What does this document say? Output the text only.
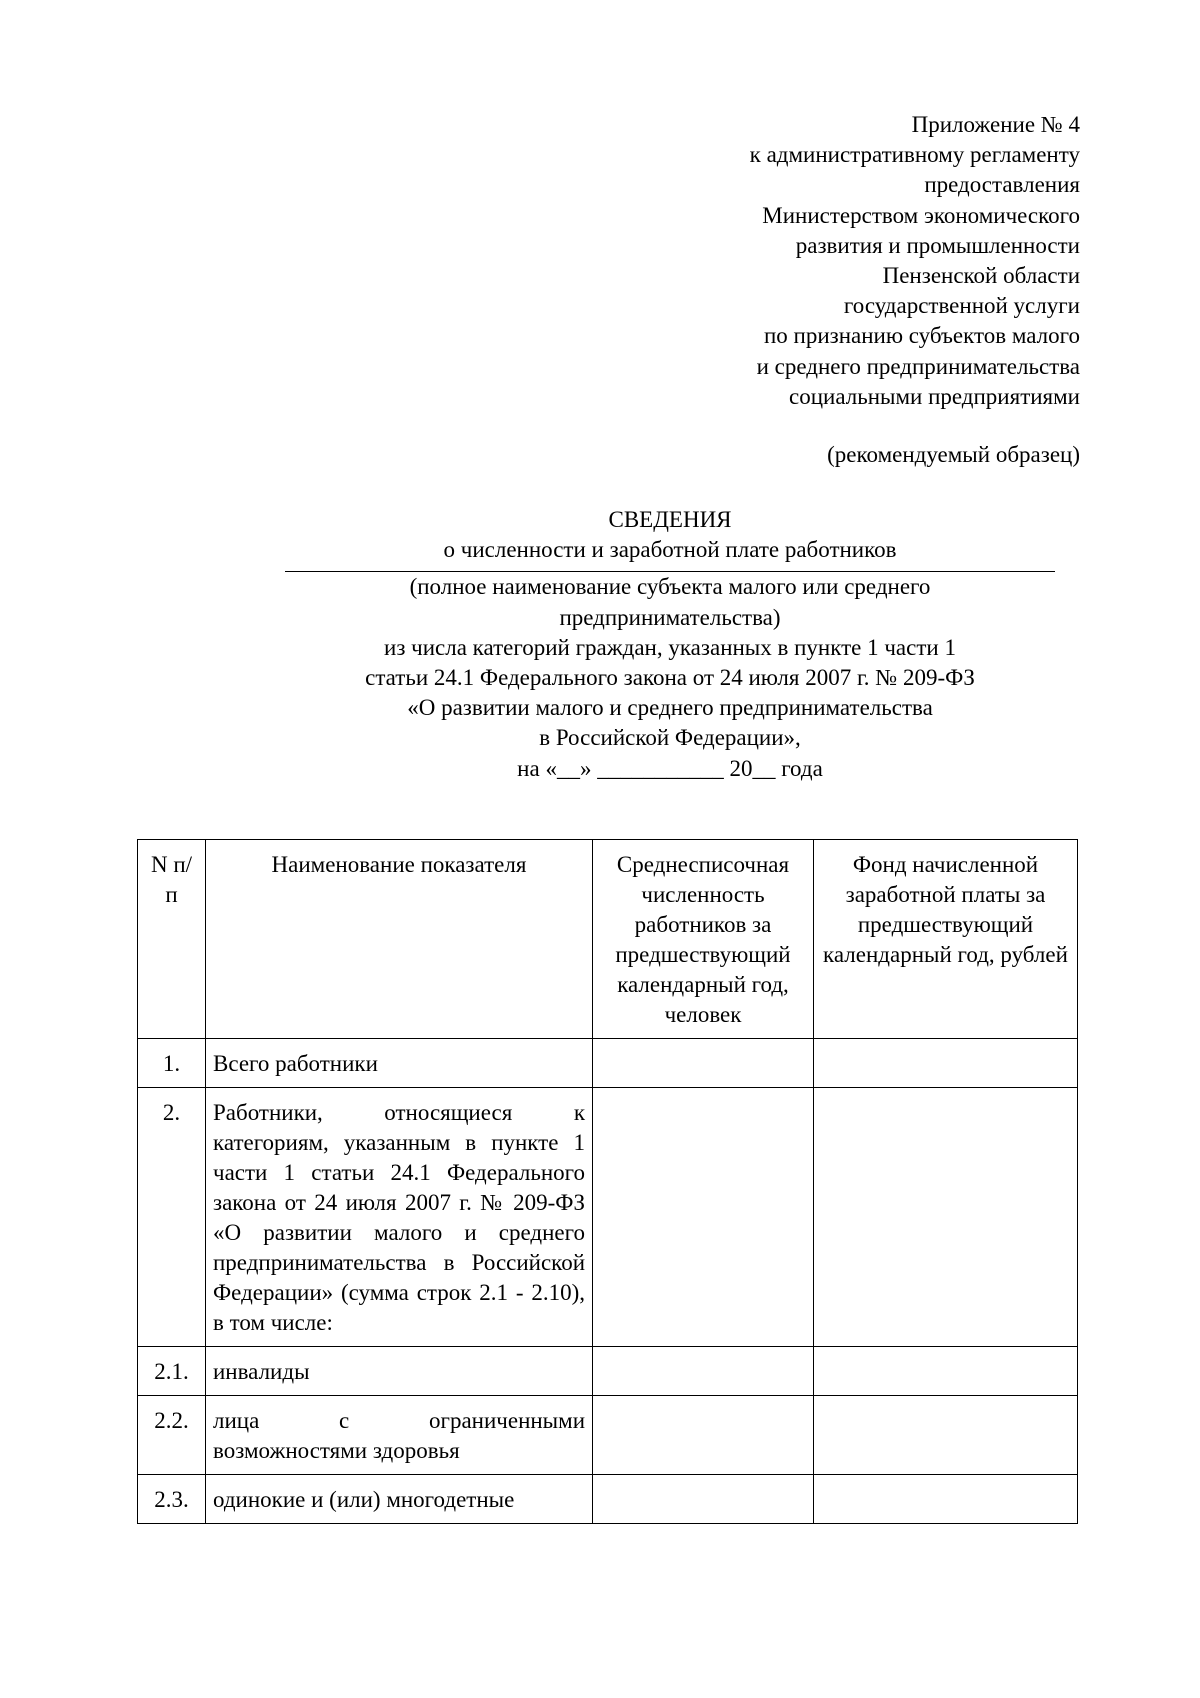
Приложение № 4
к административному регламенту
предоставления
Министерством экономического
развития и промышленности
Пензенской области
государственной услуги
по признанию субъектов малого
и среднего предпринимательства
социальными предприятиями
(рекомендуемый образец)
СВЕДЕНИЯ
о численности и заработной плате работников
(полное наименование субъекта малого или среднего
предпринимательства)
из числа категорий граждан, указанных в пункте 1 части 1
статьи 24.1 Федерального закона от 24 июля 2007 г. № 209-ФЗ
«О развитии малого и среднего предпринимательства
в Российской Федерации»,
на «__» ___________ 20__ года
N п/п	Наименование показателя	Среднесписочная численность работников за предшествующий календарный год, человек	Фонд начисленной заработной платы за предшествующий календарный год, рублей
1.	Всего работники		
2.	Работники, относящиеся к категориям, указанным в пункте 1 части 1 статьи 24.1 Федерального закона от 24 июля 2007 г. № 209-ФЗ «О развитии малого и среднего предпринимательства в Российской Федерации» (сумма строк 2.1 - 2.10), в том числе:		
2.1.	инвалиды		
2.2.	лица с ограниченными возможностями здоровья		
2.3.	одинокие и (или) многодетные		
